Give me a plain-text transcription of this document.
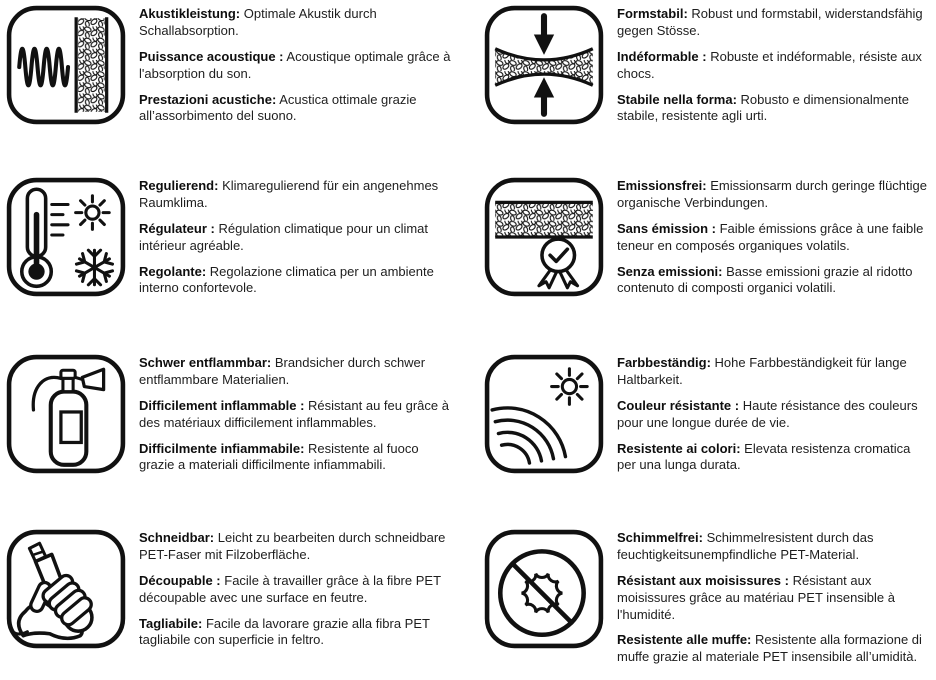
Akustikleistung: Optimale Akustik durch Schallabsorption.

Puissance acoustique : Acoustique optimale grâce à l'absorption du son.

Prestazioni acustiche: Acustica ottimale grazie all’assorbimento del suono.

Formstabil: Robust und formstabil, widerstandsfähig gegen Stösse.

Indéformable : Robuste et indéformable, résiste aux chocs.

Stabile nella forma: Robusto e dimensionalmente stabile, resistente agli urti.

Regulierend: Klimaregulierend für ein angenehmes Raumklima.

Régulateur : Régulation climatique pour un climat intérieur agréable.

Regolante: Regolazione climatica per un ambiente interno confortevole.

Emissionsfrei: Emissionsarm durch geringe flüchtige organische Verbindungen.

Sans émission : Faible émissions grâce à une faible teneur en composés organiques volatils.

Senza emissioni: Basse emissioni grazie al ridotto contenuto di composti organici volatili.

Schwer entflammbar: Brandsicher durch schwer entflammbare Materialien.

Difficilement inflammable : Résistant au feu grâce à des matériaux difficilement inflammables.

Difficilmente infiammabile: Resistente al fuoco grazie a materiali difficilmente infiammabili.

Farbbeständig: Hohe Farbbeständigkeit für lange Haltbarkeit.

Couleur résistante : Haute résistance des couleurs pour une longue durée de vie.

Resistente ai colori: Elevata resistenza cromatica per una lunga durata.

Schneidbar: Leicht zu bearbeiten durch schneidbare PET-Faser mit Filzoberfläche.

Découpable : Facile à travailler grâce à la fibre PET découpable avec une surface en feutre.

Tagliabile: Facile da lavorare grazie alla fibra PET tagliabile con superficie in feltro.

Schimmelfrei: Schimmelresistent durch das feuchtigkeitsunempfindliche PET-Material.

Résistant aux moisissures : Résistant aux moisissures grâce au matériau PET insensible à l'humidité.

Resistente alle muffe: Resistente alla formazione di muffe grazie al materiale PET insensibile all’umidità.
